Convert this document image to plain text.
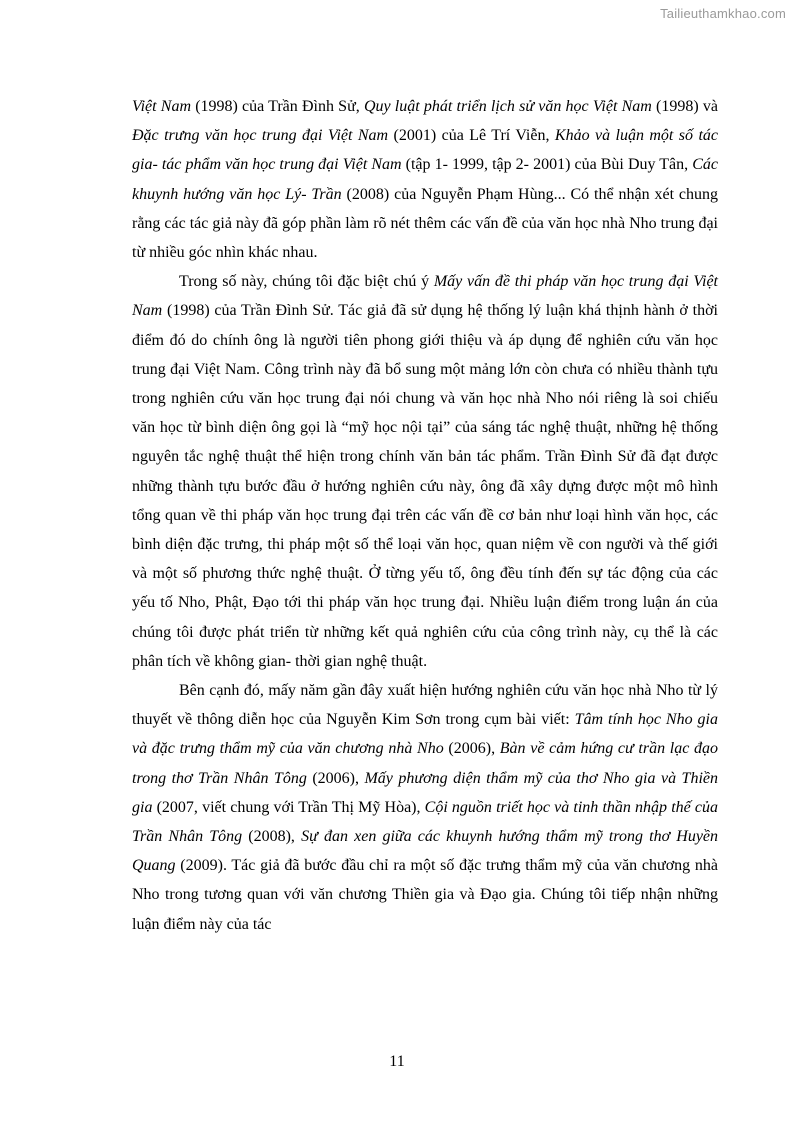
Tailieuthamkhao.com

Việt Nam (1998) của Trần Đình Sử, Quy luật phát triển lịch sử văn học Việt Nam (1998) và Đặc trưng văn học trung đại Việt Nam (2001) của Lê Trí Viễn, Khảo và luận một số tác gia- tác phẩm văn học trung đại Việt Nam (tập 1- 1999, tập 2- 2001) của Bùi Duy Tân, Các khuynh hướng văn học Lý- Trần (2008) của Nguyễn Phạm Hùng... Có thể nhận xét chung rằng các tác giả này đã góp phần làm rõ nét thêm các vấn đề của văn học nhà Nho trung đại từ nhiều góc nhìn khác nhau.

Trong số này, chúng tôi đặc biệt chú ý Mấy vấn đề thi pháp văn học trung đại Việt Nam (1998) của Trần Đình Sử. Tác giả đã sử dụng hệ thống lý luận khá thịnh hành ở thời điểm đó do chính ông là người tiên phong giới thiệu và áp dụng để nghiên cứu văn học trung đại Việt Nam. Công trình này đã bổ sung một mảng lớn còn chưa có nhiều thành tựu trong nghiên cứu văn học trung đại nói chung và văn học nhà Nho nói riêng là soi chiếu văn học từ bình diện ông gọi là “mỹ học nội tại” của sáng tác nghệ thuật, những hệ thống nguyên tắc nghệ thuật thể hiện trong chính văn bản tác phẩm. Trần Đình Sử đã đạt được những thành tựu bước đầu ở hướng nghiên cứu này, ông đã xây dựng được một mô hình tổng quan về thi pháp văn học trung đại trên các vấn đề cơ bản như loại hình văn học, các bình diện đặc trưng, thi pháp một số thể loại văn học, quan niệm về con người và thế giới và một số phương thức nghệ thuật. Ở từng yếu tố, ông đều tính đến sự tác động của các yếu tố Nho, Phật, Đạo tới thi pháp văn học trung đại. Nhiều luận điểm trong luận án của chúng tôi được phát triển từ những kết quả nghiên cứu của công trình này, cụ thể là các phân tích về không gian- thời gian nghệ thuật.

Bên cạnh đó, mấy năm gần đây xuất hiện hướng nghiên cứu văn học nhà Nho từ lý thuyết về thông diễn học của Nguyễn Kim Sơn trong cụm bài viết: Tâm tính học Nho gia và đặc trưng thẩm mỹ của văn chương nhà Nho (2006), Bàn về cảm hứng cư trần lạc đạo trong thơ Trần Nhân Tông (2006), Mấy phương diện thẩm mỹ của thơ Nho gia và Thiền gia (2007, viết chung với Trần Thị Mỹ Hòa), Cội nguồn triết học và tinh thần nhập thế của Trần Nhân Tông (2008), Sự đan xen giữa các khuynh hướng thẩm mỹ trong thơ Huyền Quang (2009). Tác giả đã bước đầu chỉ ra một số đặc trưng thẩm mỹ của văn chương nhà Nho trong tương quan với văn chương Thiền gia và Đạo gia. Chúng tôi tiếp nhận những luận điểm này của tác

11
